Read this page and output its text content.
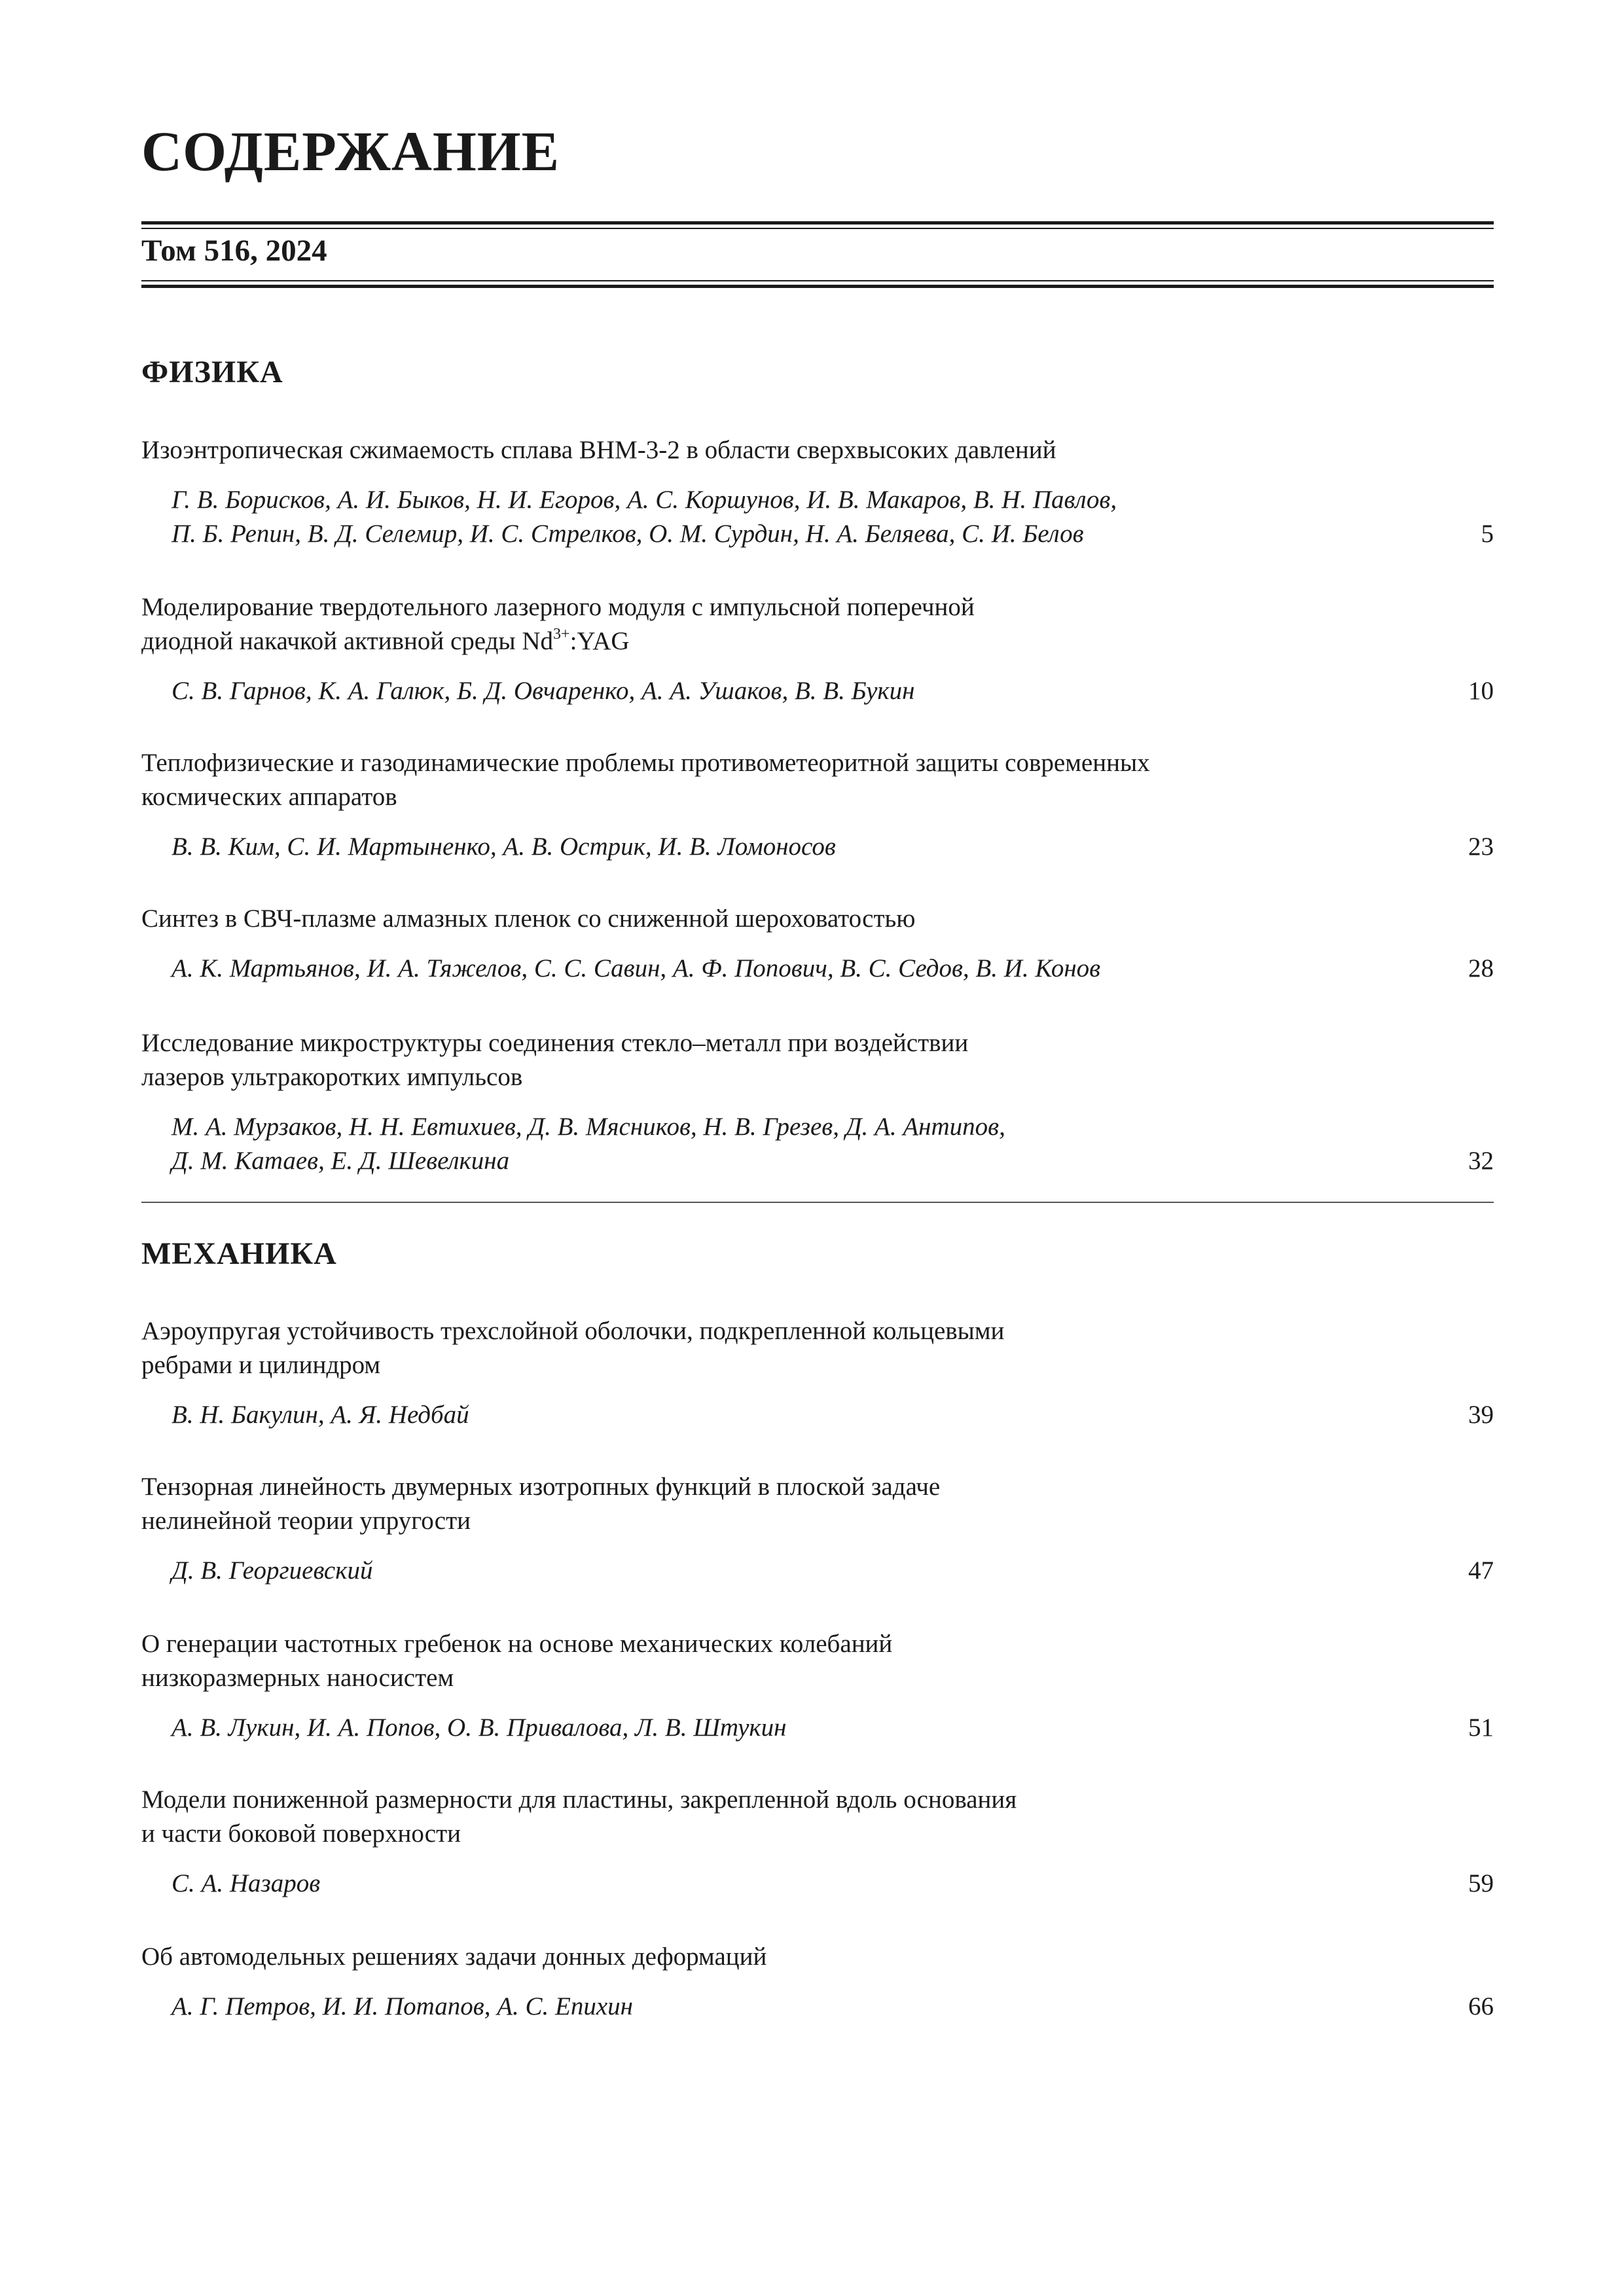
СОДЕРЖАНИЕ
Том 516, 2024
ФИЗИКА

Изоэнтропическая сжимаемость сплава ВНМ-3-2 в области сверхвысоких давлений

Г. В. Борисков, А. И. Быков, Н. И. Егоров, А. С. Коршунов, И. В. Макаров, В. Н. Павлов,
П. Б. Репин, В. Д. Селемир, И. С. Стрелков, О. М. Сурдин, Н. А. Беляева, С. И. Белов	5

Моделирование твердотельного лазерного модуля с импульсной поперечной
диодной накачкой активной среды $Nd^{3+}:YAG$

С. В. Гарнов, К. А. Галюк, Б. Д. Овчаренко, А. А. Ушаков, В. В. Букин	10

Теплофизические и газодинамические проблемы противометеоритной защиты современных
космических аппаратов

В. В. Ким, С. И. Мартыненко, А. В. Острик, И. В. Ломоносов	23

Синтез в СВЧ-плазме алмазных пленок со сниженной шероховатостью

А. К. Мартьянов, И. А. Тяжелов, С. С. Савин, А. Ф. Попович, В. С. Седов, В. И. Конов	28

Исследование микроструктуры соединения стекло–металл при воздействии
лазеров ультракоротких импульсов

М. А. Мурзаков, Н. Н. Евтихиев, Д. В. Мясников, Н. В. Грезев, Д. А. Антипов,
Д. М. Катаев, Е. Д. Шевелкина	32
МЕХАНИКА

Аэроупругая устойчивость трехслойной оболочки, подкрепленной кольцевыми
ребрами и цилиндром

В. Н. Бакулин, А. Я. Недбай	39

Тензорная линейность двумерных изотропных функций в плоской задаче
нелинейной теории упругости

Д. В. Георгиевский	47

О генерации частотных гребенок на основе механических колебаний
низкоразмерных наносистем

А. В. Лукин, И. А. Попов, О. В. Привалова, Л. В. Штукин	51

Модели пониженной размерности для пластины, закрепленной вдоль основания
и части боковой поверхности

С. А. Назаров	59

Об автомодельных решениях задачи донных деформаций

А. Г. Петров, И. И. Потапов, А. С. Епихин	66
